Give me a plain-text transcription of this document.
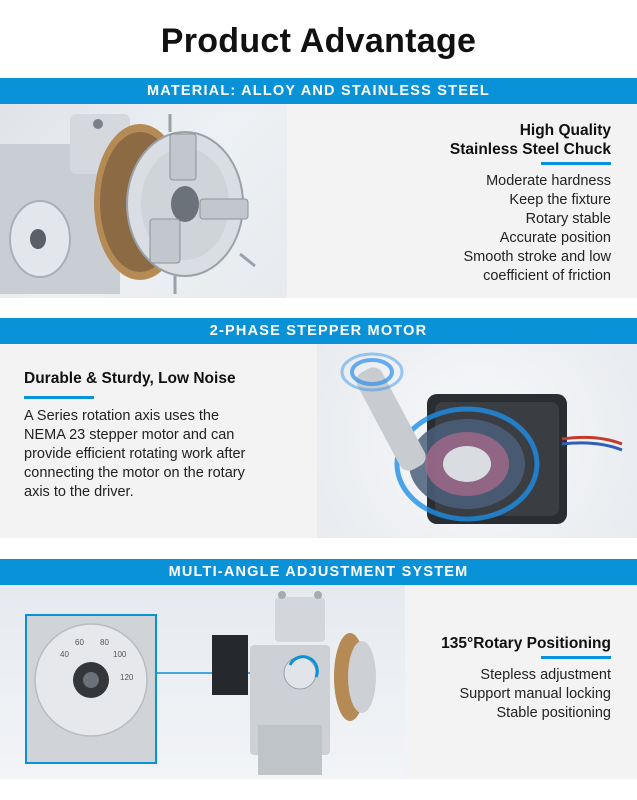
Product Advantage
MATERIAL: ALLOY AND STAINLESS STEEL
High Quality
Stainless Steel Chuck
Moderate hardness
Keep the fixture
Rotary stable
Accurate position
Smooth stroke and low
coefficient of friction
2-PHASE STEPPER MOTOR
Durable & Sturdy, Low Noise
A Series rotation axis uses the
NEMA 23 stepper motor and can
provide efficient rotating work after
connecting the motor on the rotary
axis to the driver.
MULTI-ANGLE ADJUSTMENT SYSTEM
40
60 80
100
120
135°Rotary Positioning
Stepless adjustment
Support manual locking
Stable positioning
